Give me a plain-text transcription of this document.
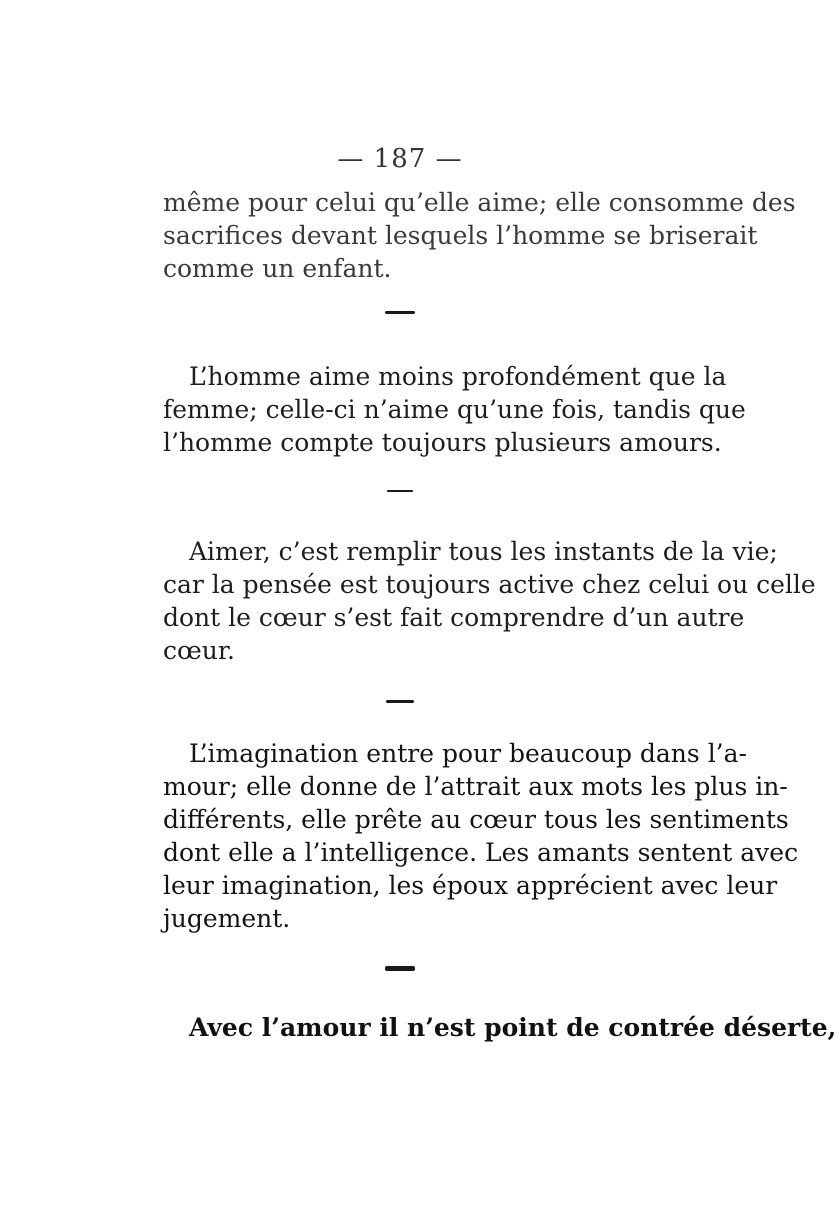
— 187 —

même pour celui qu’elle aime; elle consomme des
sacrifices devant lesquels l’homme se briserait
comme un enfant.

L’homme aime moins profondément que la
femme; celle-ci n’aime qu’une fois, tandis que
l’homme compte toujours plusieurs amours.

Aimer, c’est remplir tous les instants de la vie;
car la pensée est toujours active chez celui ou celle
dont le cœur s’est fait comprendre d’un autre
cœur.

L’imagination entre pour beaucoup dans l’a-
mour; elle donne de l’attrait aux mots les plus in-
différents, elle prête au cœur tous les sentiments
dont elle a l’intelligence. Les amants sentent avec
leur imagination, les époux apprécient avec leur
jugement.

Avec l’amour il n’est point de contrée déserte,
